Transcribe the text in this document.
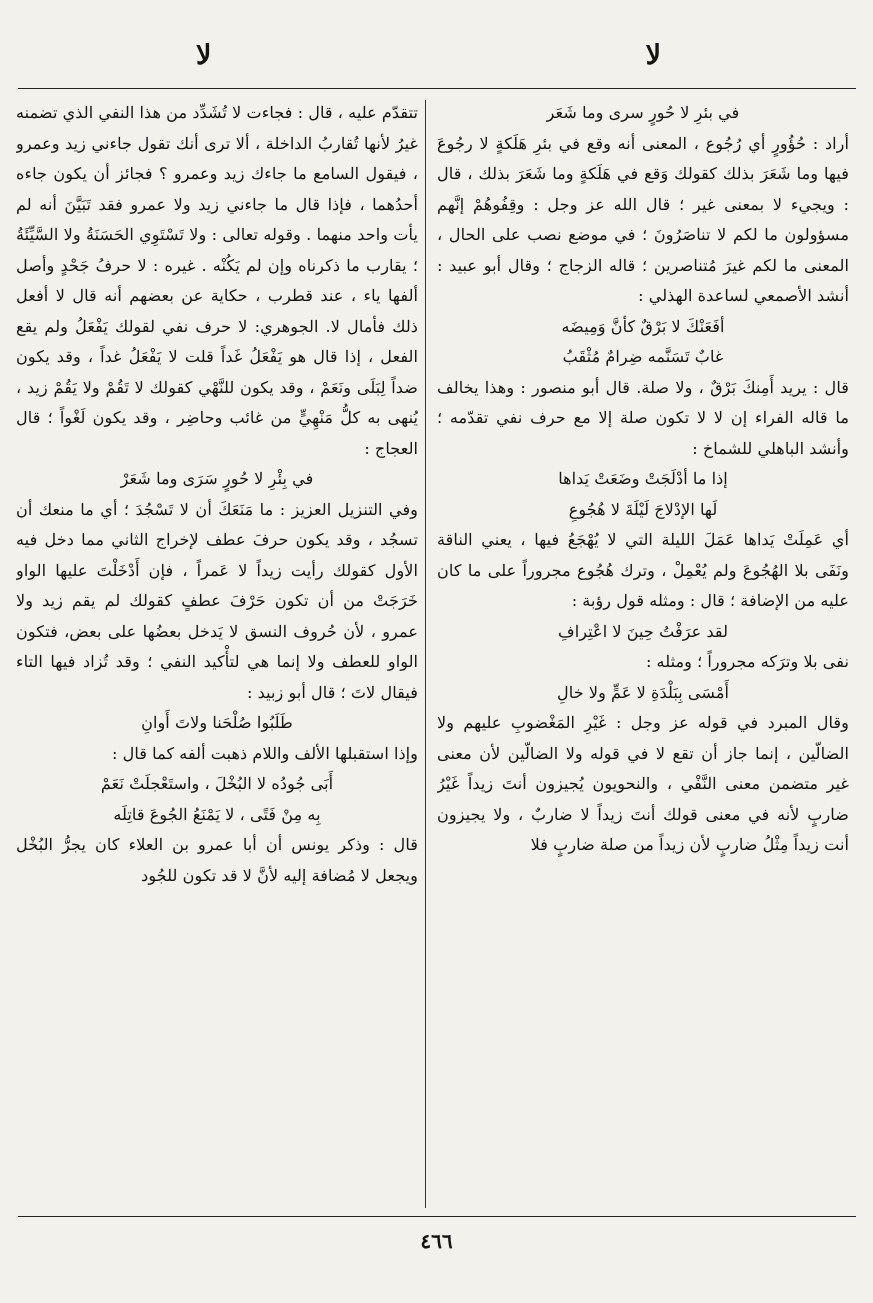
لا
لا

في بئرِ لا حُورٍ سرى وما شَعَر

أراد : حُؤُورٍ أي رُجُوع ، المعنى أنه وقع في بئرِ هَلَكةٍ لا رجُوعَ فيها وما شَعَرَ بذلك كقولك وَقع في هَلَكةٍ وما شَعَرَ بذلك ، قال : ويجيء لا بمعنى غير ؛ قال الله عز وجل : وقِفُوهُمْ إنَّهم مسؤولون ما لكم لا تناصَرُونَ ؛ في موضع نصب على الحال ، المعنى ما لكم غيرَ مُتناصرين ؛ قاله الزجاج ؛ وقال أبو عبيد : أنشد الأصمعي لساعدة الهذلي :

أفَعَنْكَ لا بَرْقٌ كأنَّ وَمِيضَه

غابٌ تَسَنَّمه ضِرامٌ مُثْقَبُ

قال : يريد أَمِنكَ بَرْقٌ ، ولا صلة. قال أبو منصور : وهذا يخالف ما قاله الفراء إن لا لا تكون صلة إلا مع حرف نفي تقدّمه ؛ وأنشد الباهلي للشماخ :

إذا ما أدْلَجَتْ وضَعَتْ يَداها

لَها الإدْلاجَ لَيْلَةَ لا هُجُوعِ

أي عَمِلَتْ يَداها عَمَلَ الليلة التي لا يُهْجَعُ فيها ، يعني الناقة ونَفَى بلا الهُجُوعَ ولم يُعْمِلْ ، وترك هُجُوع مجروراً على ما كان عليه من الإضافة ؛ قال : ومثله قول رؤبة :

لقد عرَفْتُ حِينَ لا اعْتِرافِ

نفى بلا وترَكه مجروراً ؛ ومثله :

أَمْسَى بِبَلْدَةِ لا عَمٍّ ولا خالِ

وقال المبرد في قوله عز وجل : غَيْرِ المَغْضوبِ عليهم ولا الضالّين ، إنما جاز أن تقع لا في قوله ولا الضالّين لأن معنى غير متضمن معنى النَّفْي ، والنحويون يُجيزون أنتَ زيداً غَيْرُ ضاربٍ لأنه في معنى قولك أنتَ زيداً لا ضاربٌ ، ولا يجيزون أنت زيداً مِثْلُ ضاربٍ لأن زيداً من صلة ضاربٍ فلا

تتقدّم عليه ، قال : فجاءت لا تُشَدِّد من هذا النفي الذي تضمنه غيرُ لأنها تُقاربُ الداخلة ، ألا ترى أنك تقول جاءني زيد وعمرو ، فيقول السامع ما جاءك زيد وعمرو ؟ فجائز أن يكون جاءه أحدُهما ، فإذا قال ما جاءني زيد ولا عمرو فقد تَبَيَّنَ أنه لم يأت واحد منهما . وقوله تعالى : ولا تَسْتَوِي الحَسَنَةُ ولا السَّيِّئَةُ ؛ يقارب ما ذكرناه وإن لم يَكُنْه . غيره : لا حرفُ جَحْدٍ وأصل ألفها ياء ، عند قطرب ، حكاية عن بعضهم أنه قال لا أفعل ذلك فأمال لا. الجوهري: لا حرف نفي لقولك يَفْعَلُ ولم يقع الفعل ، إذا قال هو يَفْعَلُ غَداً قلت لا يَفْعَلُ غداً ، وقد يكون ضداً لِبَلَى ونَعَمْ ، وقد يكون للنَّهْي كقولك لا تَقُمْ ولا يَقُمْ زيد ، يُنهى به كلُّ مَنْهِيٍّ من غائب وحاضِر ، وقد يكون لَغْواً ؛ قال العجاج :

في بِئْرِ لا حُورٍ سَرَى وما شَعَرْ

وفي التنزيل العزيز : ما مَنَعَكَ أن لا تَسْجُدَ ؛ أي ما منعك أن تسجُد ، وقد يكون حرفَ عطف لإخراج الثاني مما دخل فيه الأول كقولك رأيت زيداً لا عَمراً ، فإن أَدْخَلْتَ عليها الواو خَرَجَتْ من أن تكون حَرْفَ عطفٍ كقولك لم يقم زيد ولا عمرو ، لأن حُروف النسق لا يَدخل بعضُها على بعض، فتكون الواو للعطف ولا إنما هي لتأْكيد النفي ؛ وقد تُزاد فيها التاء فيقال لاتَ ؛ قال أبو زبيد :

طَلَبُوا صُلْحَنا ولاتَ أَوانِ

وإذا استقبلها الألف واللام ذهبت ألفه كما قال :

أَبَى جُودُه لا البُخْلَ ، واستَعْجلَتْ نَعَمْ

بِه مِنْ فَتًى ، لا يَمْنَعُ الجُوعَ قاتِلَه

قال : وذكر يونس أن أبا عمرو بن العلاء كان يجرُّ البُخْل ويجعل لا مُضافة إليه لأنَّ لا قد تكون للجُود

٤٦٦
